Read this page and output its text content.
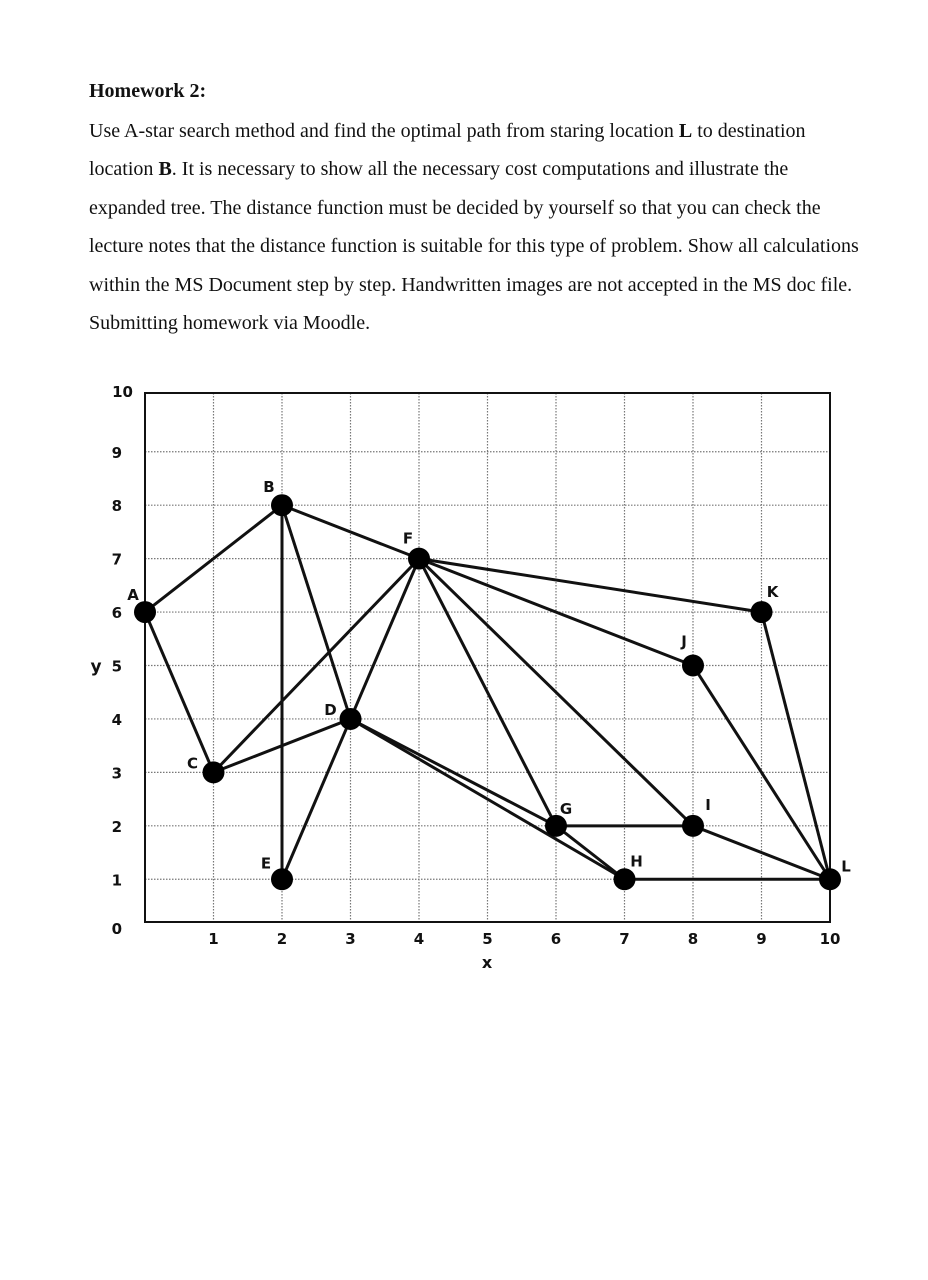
Homework 2:
Use A-star search method and find the optimal path from staring location L to destination location B. It is necessary to show all the necessary cost computations and illustrate the expanded tree. The distance function must be decided by yourself so that you can check the lecture notes that the distance function is suitable for this type of problem. Show all calculations within the MS Document step by step. Handwritten images are not accepted in the MS doc file. Submitting homework via Moodle.
1	2	3	4	5	6	7	8	9	10
0
1
2
3
4
5
6
7
8
9
10
x
y
A
B
C
D
E
F
G
H
I
J
K
L
